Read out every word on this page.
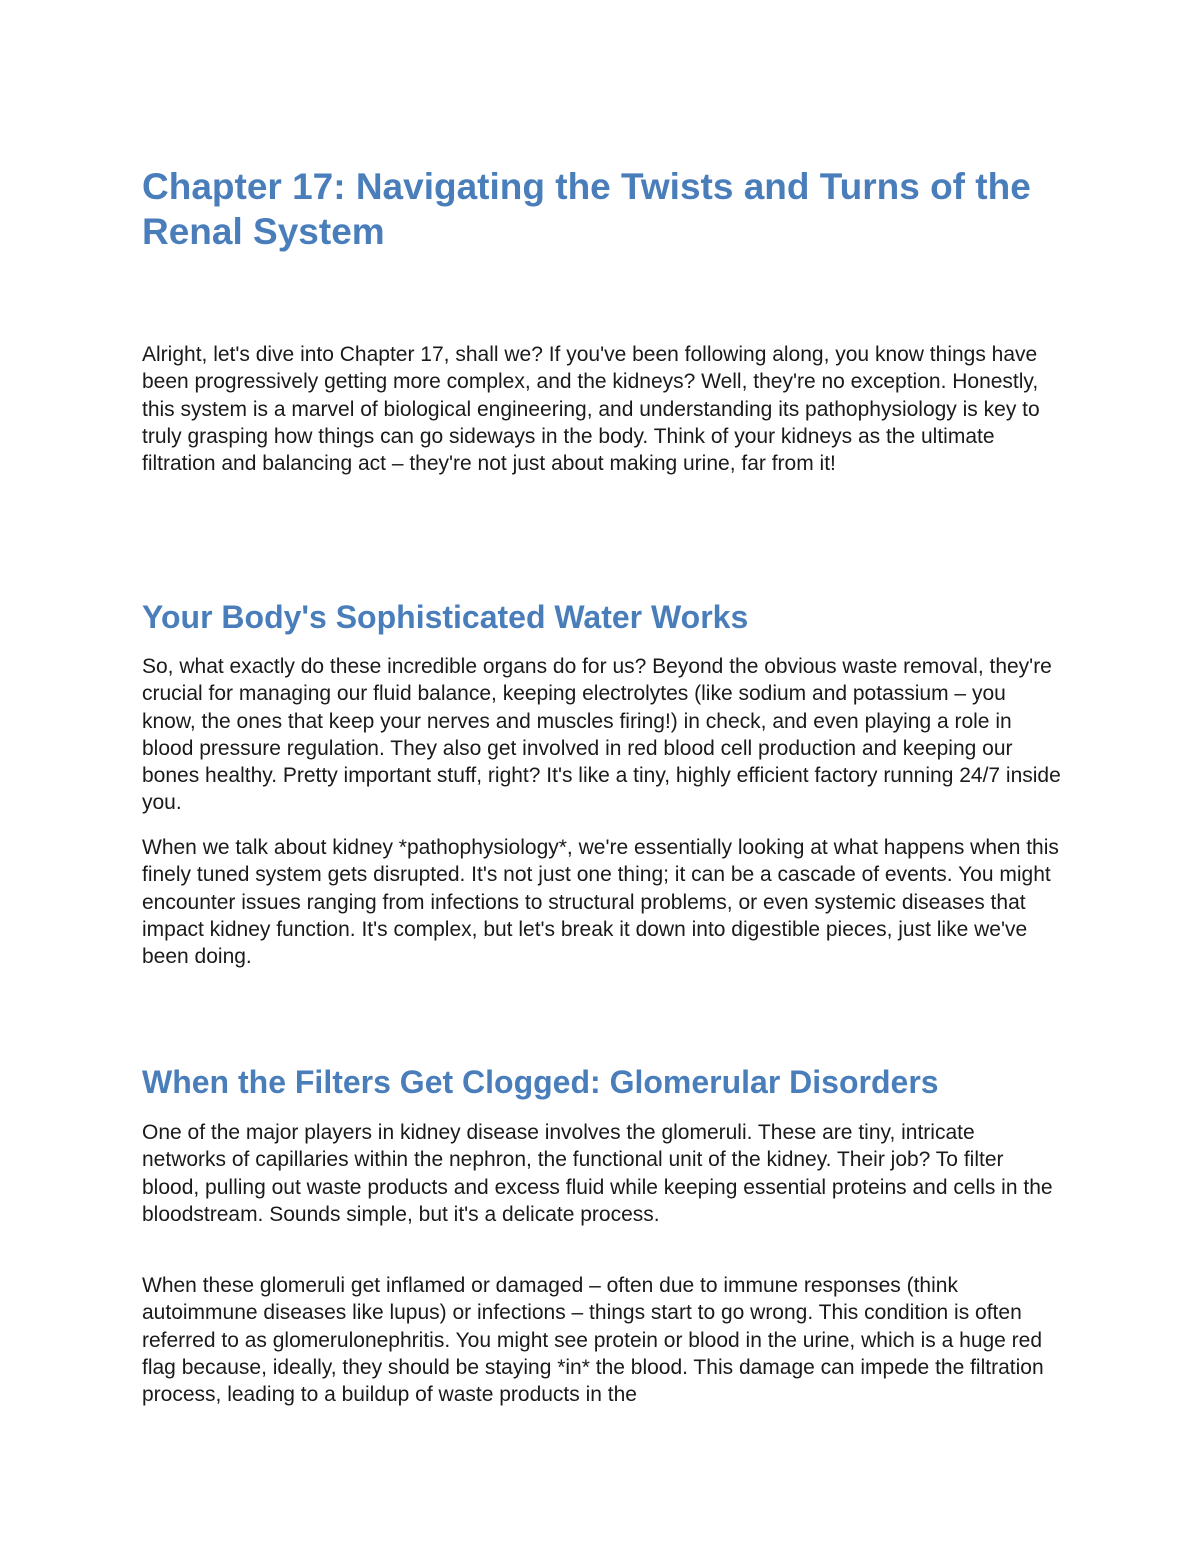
Chapter 17: Navigating the Twists and Turns of the Renal System

Alright, let's dive into Chapter 17, shall we? If you've been following along, you know things have been progressively getting more complex, and the kidneys? Well, they're no exception. Honestly, this system is a marvel of biological engineering, and understanding its pathophysiology is key to truly grasping how things can go sideways in the body. Think of your kidneys as the ultimate filtration and balancing act – they're not just about making urine, far from it!

Your Body's Sophisticated Water Works

So, what exactly do these incredible organs do for us? Beyond the obvious waste removal, they're crucial for managing our fluid balance, keeping electrolytes (like sodium and potassium – you know, the ones that keep your nerves and muscles firing!) in check, and even playing a role in blood pressure regulation. They also get involved in red blood cell production and keeping our bones healthy. Pretty important stuff, right? It's like a tiny, highly efficient factory running 24/7 inside you.

When we talk about kidney *pathophysiology*, we're essentially looking at what happens when this finely tuned system gets disrupted. It's not just one thing; it can be a cascade of events. You might encounter issues ranging from infections to structural problems, or even systemic diseases that impact kidney function. It's complex, but let's break it down into digestible pieces, just like we've been doing.

When the Filters Get Clogged: Glomerular Disorders

One of the major players in kidney disease involves the glomeruli. These are tiny, intricate networks of capillaries within the nephron, the functional unit of the kidney. Their job? To filter blood, pulling out waste products and excess fluid while keeping essential proteins and cells in the bloodstream. Sounds simple, but it's a delicate process.

When these glomeruli get inflamed or damaged – often due to immune responses (think autoimmune diseases like lupus) or infections – things start to go wrong. This condition is often referred to as glomerulonephritis. You might see protein or blood in the urine, which is a huge red flag because, ideally, they should be staying *in* the blood. This damage can impede the filtration process, leading to a buildup of waste products in the
